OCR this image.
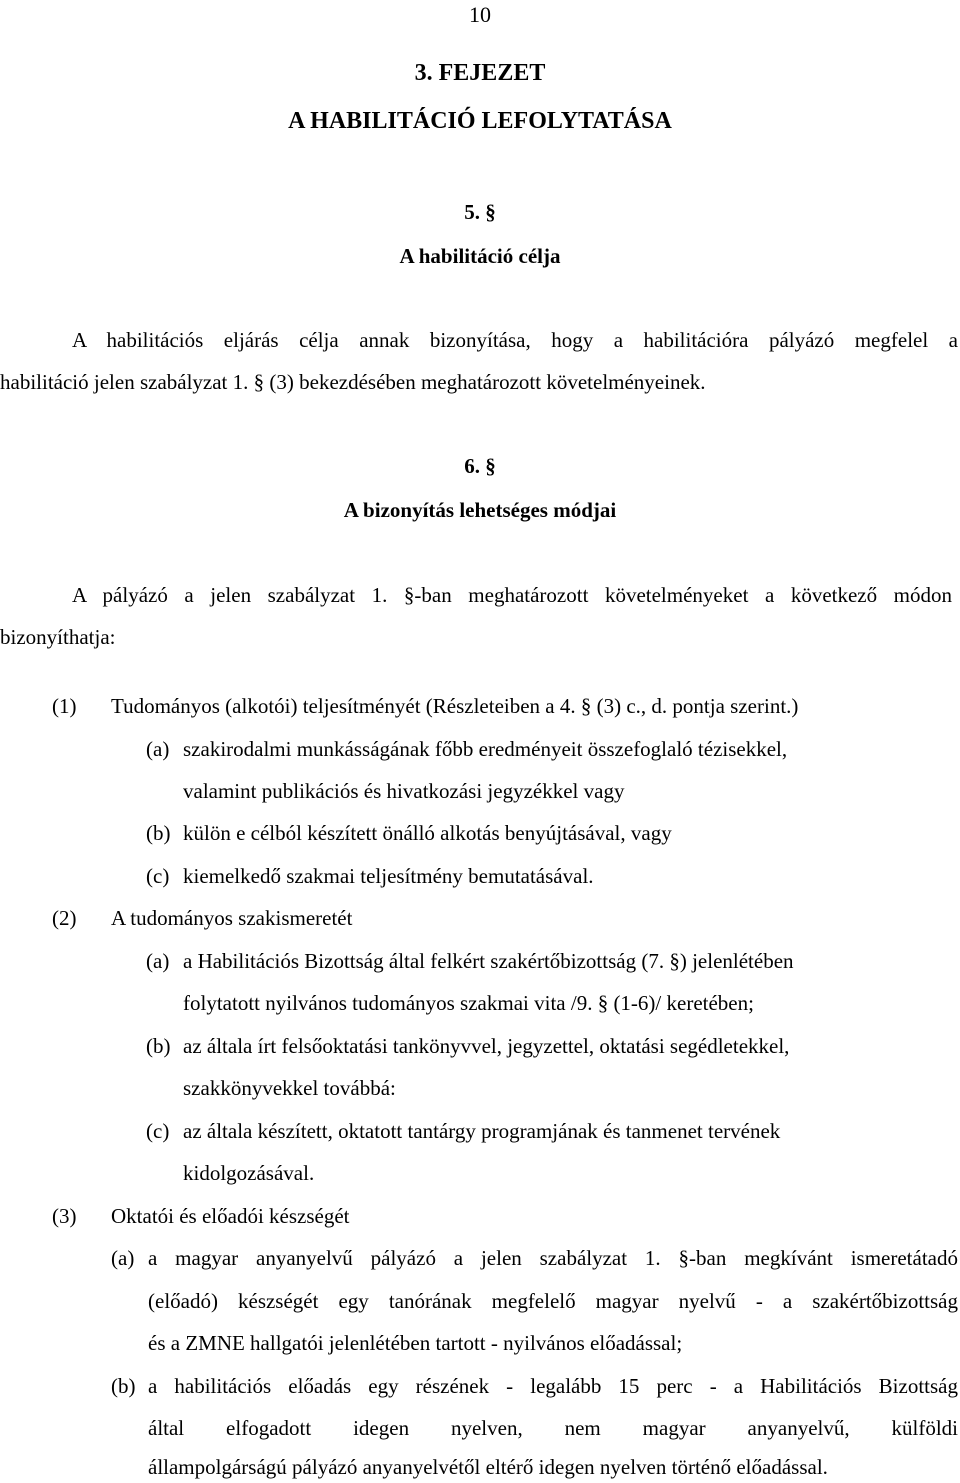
10
3. FEJEZET
A HABILITÁCIÓ LEFOLYTATÁSA
5. §
A habilitáció célja
A habilitációs eljárás célja annak bizonyítása, hogy a habilitációra pályázó megfelel a
habilitáció jelen szabályzat 1. § (3) bekezdésében meghatározott követelményeinek.
6. §
A bizonyítás lehetséges módjai
A pályázó a jelen szabályzat 1. §-ban meghatározott követelményeket a következő módon
bizonyíthatja:
(1) Tudományos (alkotói) teljesítményét (Részleteiben a 4. § (3) c., d. pontja szerint.)
(a) szakirodalmi munkásságának főbb eredményeit összefoglaló tézisekkel,
valamint publikációs és hivatkozási jegyzékkel vagy
(b) külön e célból készített önálló alkotás benyújtásával, vagy
(c) kiemelkedő szakmai teljesítmény bemutatásával.
(2) A tudományos szakismeretét
(a) a Habilitációs Bizottság által felkért szakértőbizottság (7. §) jelenlétében
folytatott nyilvános tudományos szakmai vita /9. § (1-6)/ keretében;
(b) az általa írt felsőoktatási tankönyvvel, jegyzettel, oktatási segédletekkel,
szakkönyvekkel továbbá:
(c) az általa készített, oktatott tantárgy programjának és tanmenet tervének
kidolgozásával.
(3) Oktatói és előadói készségét
(a) a magyar anyanyelvű pályázó a jelen szabályzat 1. §-ban megkívánt ismeretátadó
(előadó) készségét egy tanórának megfelelő magyar nyelvű - a szakértőbizottság
és a ZMNE hallgatói jelenlétében tartott - nyilvános előadással;
(b) a habilitációs előadás egy részének - legalább 15 perc - a Habilitációs Bizottság
által elfogadott idegen nyelven, nem magyar anyanyelvű, külföldi
állampolgárságú pályázó anyanyelvétől eltérő idegen nyelven történő előadással.
